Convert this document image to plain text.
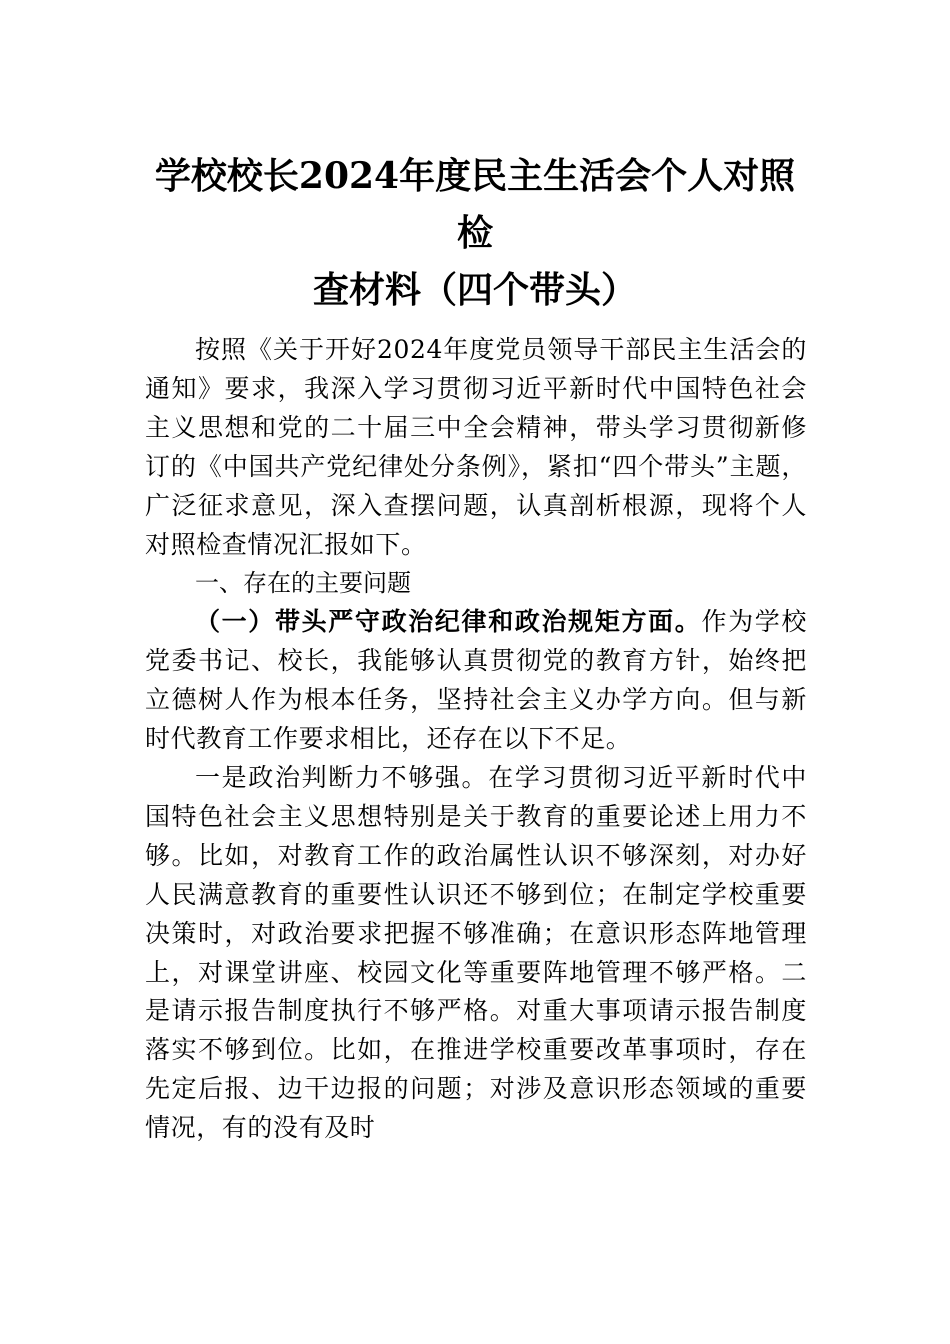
学校校长2024年度民主生活会个人对照检
查材料（四个带头）

按照《关于开好2024年度党员领导干部民主生活会的通知》要求，我深入学习贯彻习近平新时代中国特色社会主义思想和党的二十届三中全会精神，带头学习贯彻新修订的《中国共产党纪律处分条例》，紧扣“四个带头”主题，广泛征求意见，深入查摆问题，认真剖析根源，现将个人对照检查情况汇报如下。

一、存在的主要问题

（一）带头严守政治纪律和政治规矩方面。作为学校党委书记、校长，我能够认真贯彻党的教育方针，始终把立德树人作为根本任务，坚持社会主义办学方向。但与新时代教育工作要求相比，还存在以下不足。

一是政治判断力不够强。在学习贯彻习近平新时代中国特色社会主义思想特别是关于教育的重要论述上用力不够。比如，对教育工作的政治属性认识不够深刻，对办好人民满意教育的重要性认识还不够到位；在制定学校重要决策时，对政治要求把握不够准确；在意识形态阵地管理上，对课堂讲座、校园文化等重要阵地管理不够严格。二是请示报告制度执行不够严格。对重大事项请示报告制度落实不够到位。比如，在推进学校重要改革事项时，存在先定后报、边干边报的问题；对涉及意识形态领域的重要情况，有的没有及时
